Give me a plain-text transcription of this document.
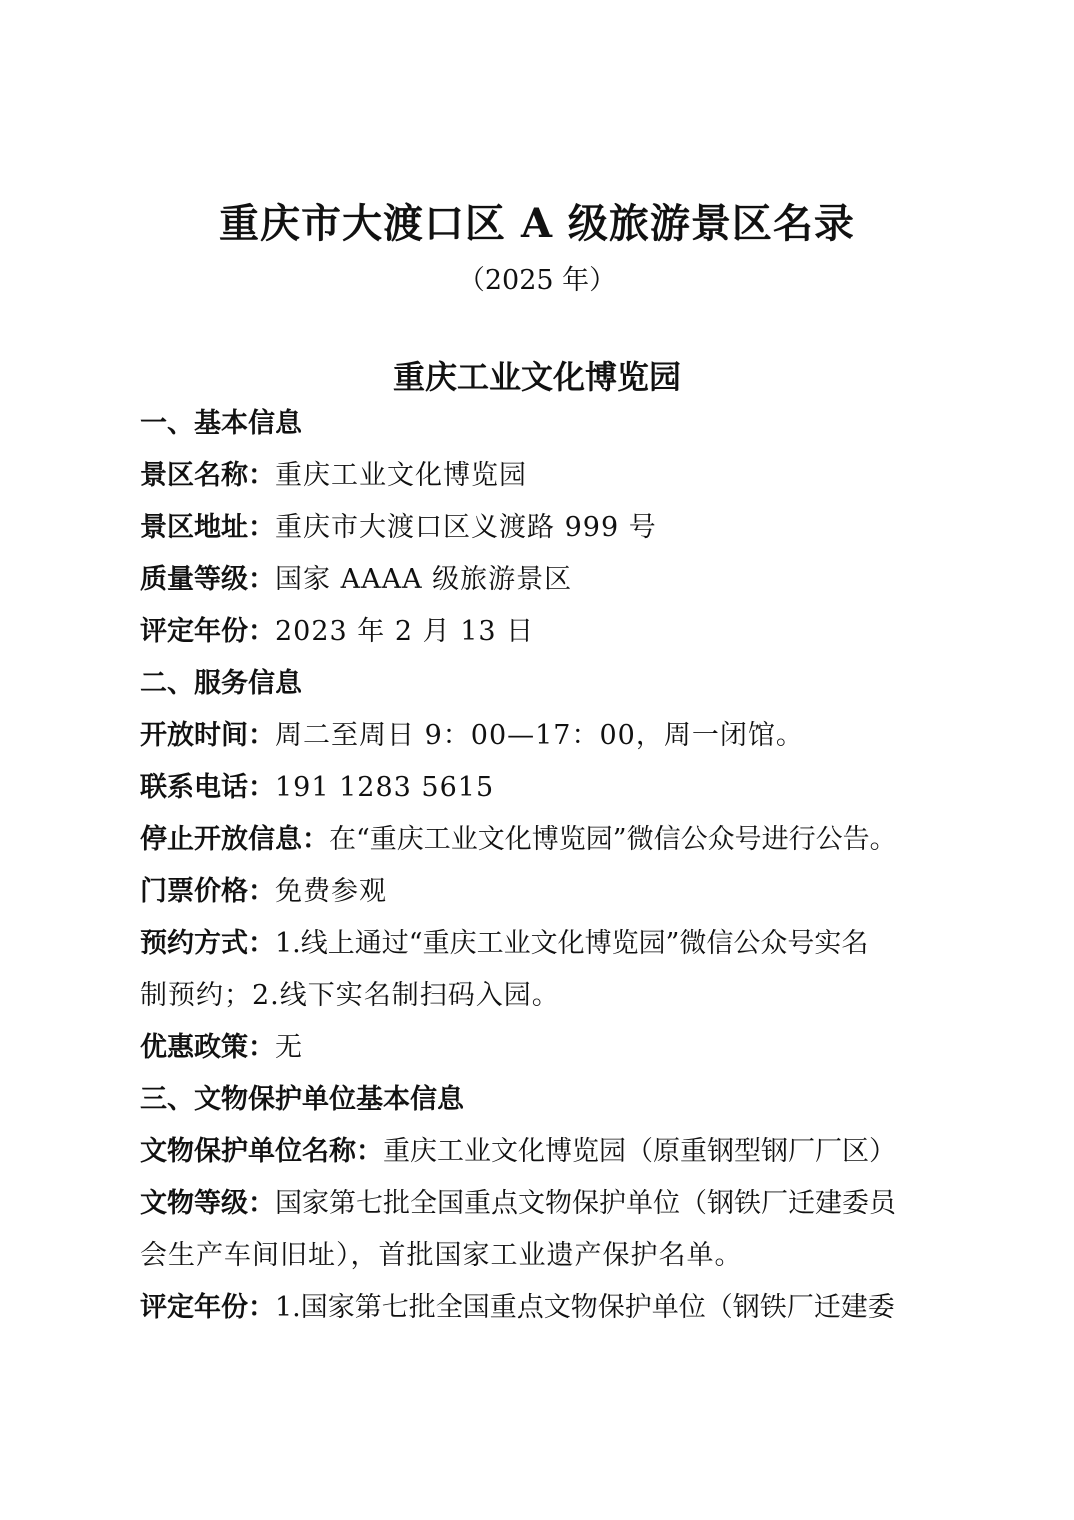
重庆市大渡口区 A 级旅游景区名录
（2025 年）
重庆工业文化博览园
一、基本信息
景区名称：重庆工业文化博览园
景区地址：重庆市大渡口区义渡路 999 号
质量等级：国家 AAAA 级旅游景区
评定年份：2023 年 2 月 13 日
二、服务信息
开放时间：周二至周日 9：00—17：00，周一闭馆。
联系电话：191 1283 5615
停止开放信息：在“重庆工业文化博览园”微信公众号进行公告。
门票价格：免费参观
预约方式：1.线上通过“重庆工业文化博览园”微信公众号实名
制预约；2.线下实名制扫码入园。
优惠政策：无
三、文物保护单位基本信息
文物保护单位名称：重庆工业文化博览园（原重钢型钢厂厂区）
文物等级：国家第七批全国重点文物保护单位（钢铁厂迁建委员
会生产车间旧址），首批国家工业遗产保护名单。
评定年份：1.国家第七批全国重点文物保护单位（钢铁厂迁建委
